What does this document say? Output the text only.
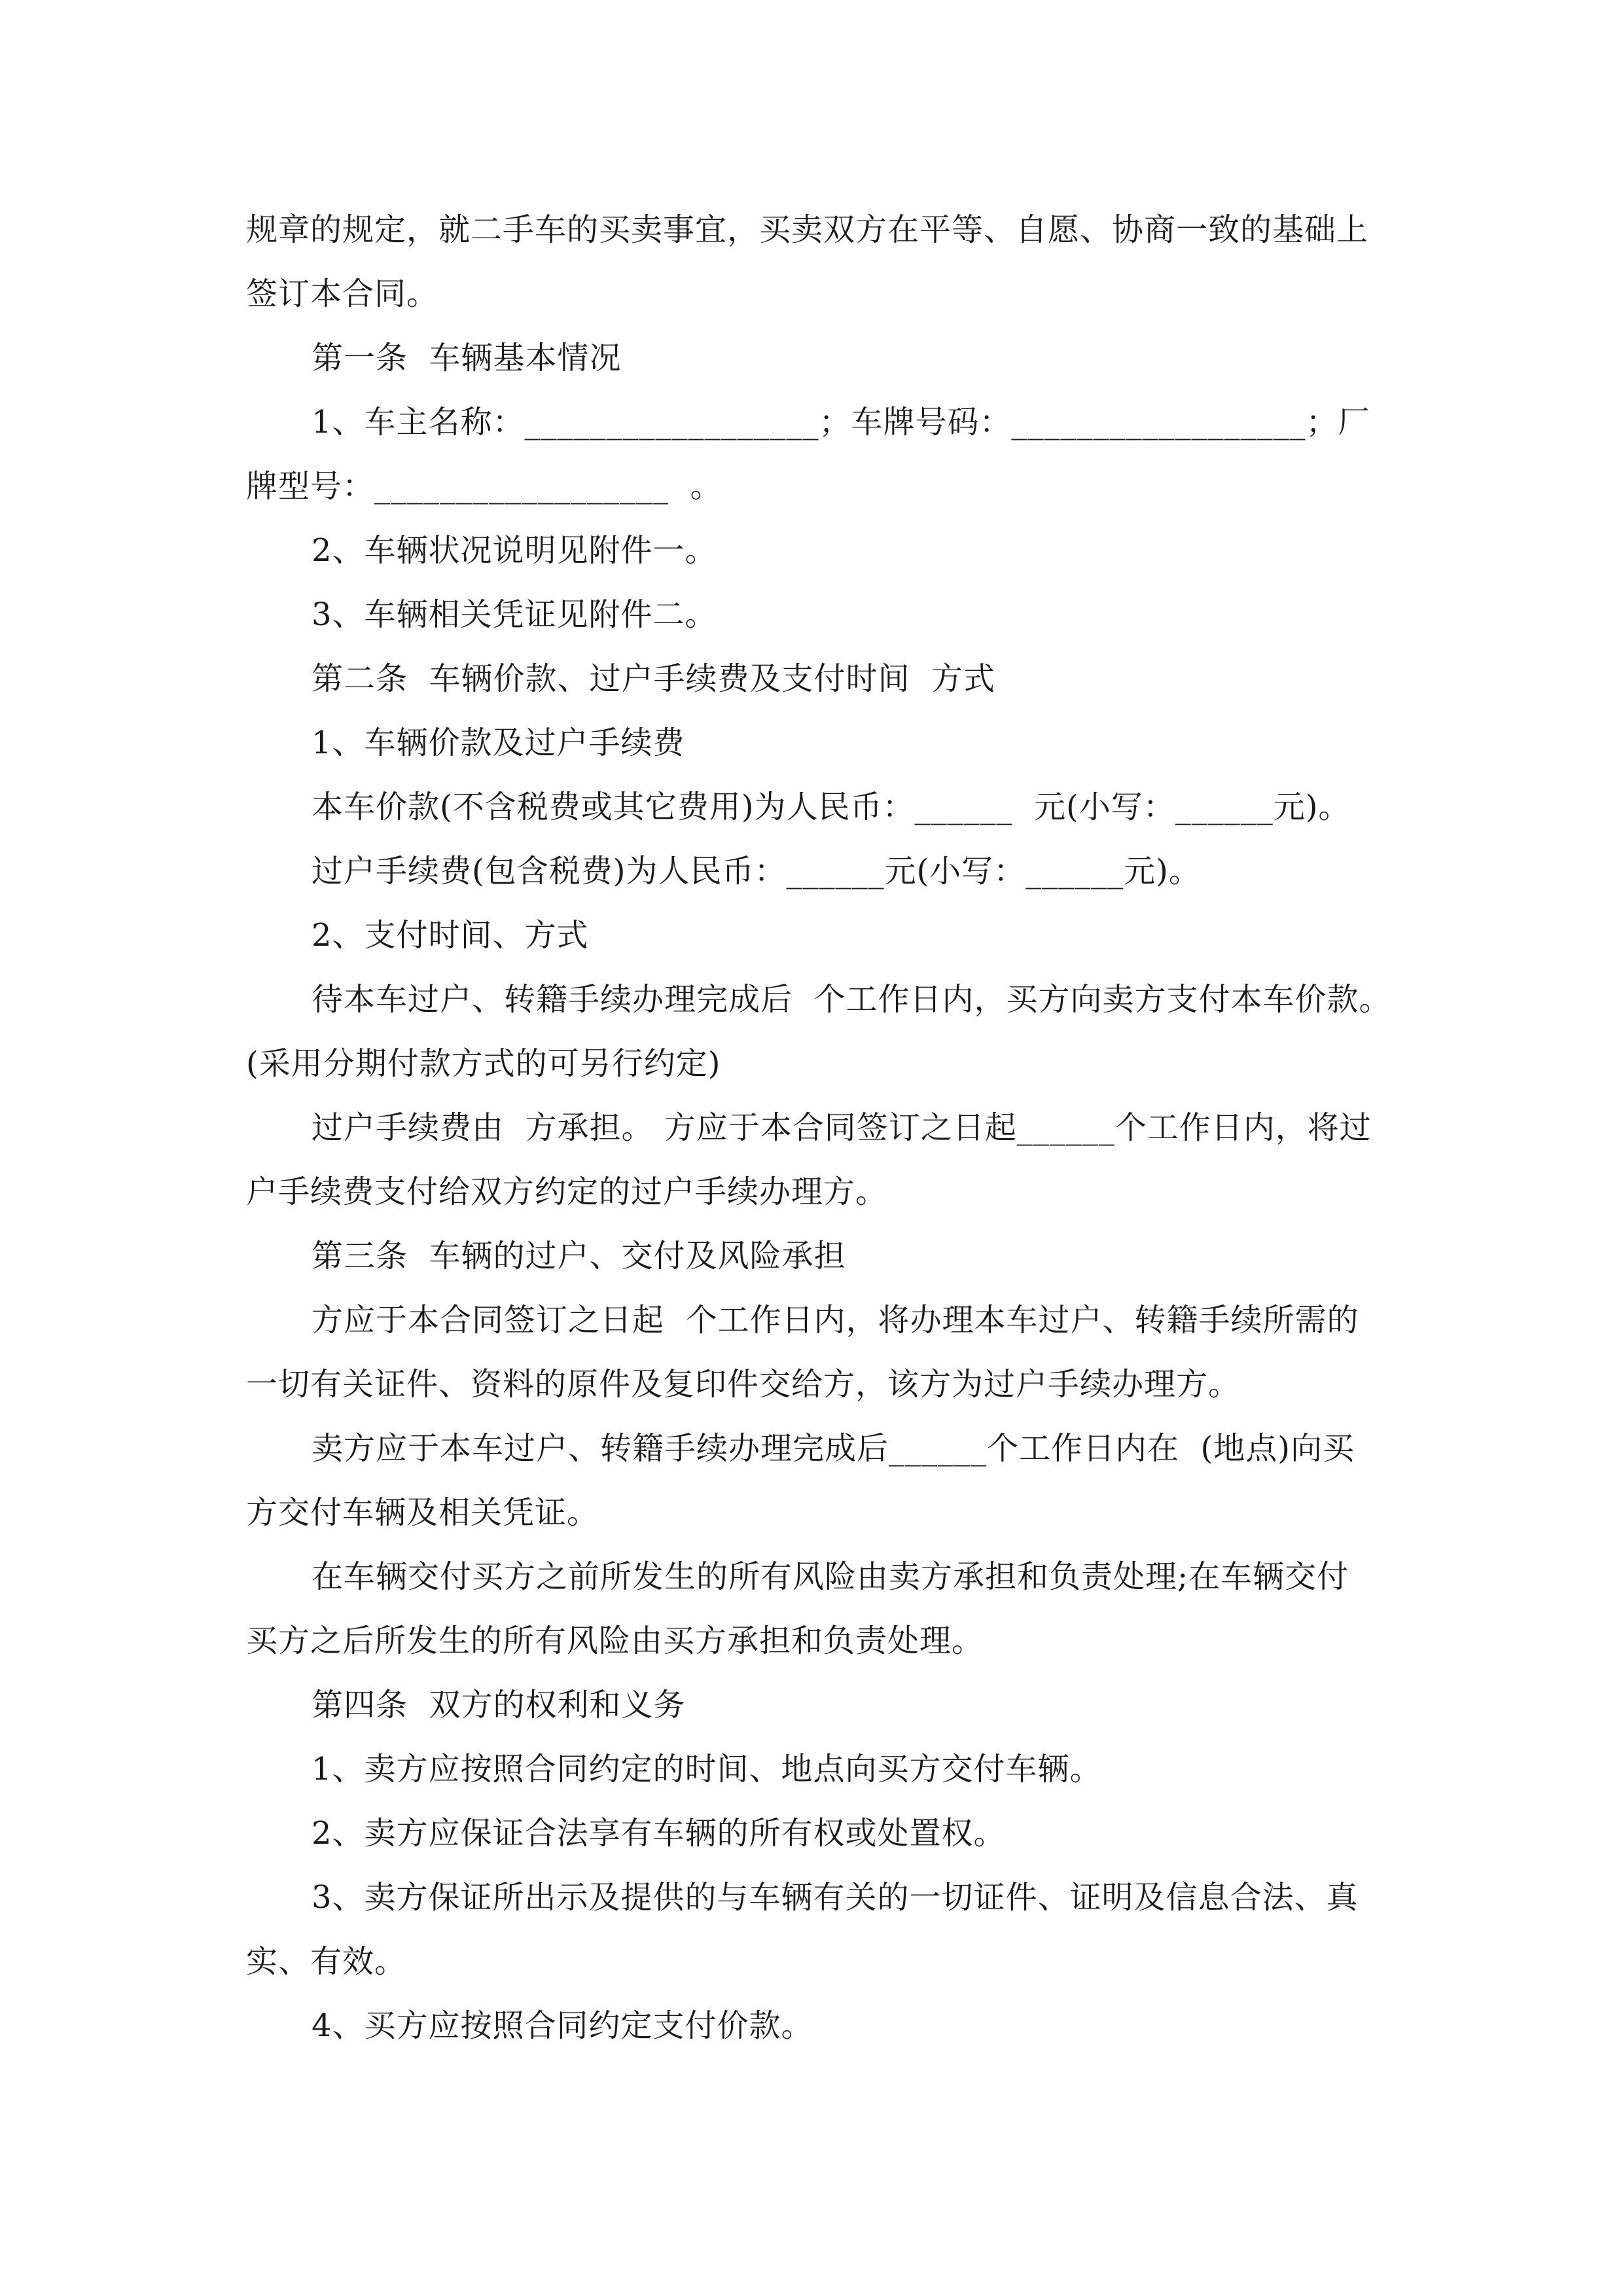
规章的规定，就二手车的买卖事宜，买卖双方在平等、自愿、协商一致的基础上
签订本合同。
第一条  车辆基本情况
1、车主名称：__________________；车牌号码：__________________；厂
牌型号：__________________  。
2、车辆状况说明见附件一。
3、车辆相关凭证见附件二。
第二条  车辆价款、过户手续费及支付时间  方式
1、车辆价款及过户手续费
本车价款(不含税费或其它费用)为人民币：______  元(小写：______元)。
过户手续费(包含税费)为人民币：______元(小写：______元)。
2、支付时间、方式
待本车过户、转籍手续办理完成后  个工作日内，买方向卖方支付本车价款。
(采用分期付款方式的可另行约定)
过户手续费由  方承担。 方应于本合同签订之日起______个工作日内，将过
户手续费支付给双方约定的过户手续办理方。
第三条  车辆的过户、交付及风险承担
方应于本合同签订之日起  个工作日内，将办理本车过户、转籍手续所需的
一切有关证件、资料的原件及复印件交给方，该方为过户手续办理方。
卖方应于本车过户、转籍手续办理完成后______个工作日内在  (地点)向买
方交付车辆及相关凭证。
在车辆交付买方之前所发生的所有风险由卖方承担和负责处理;在车辆交付
买方之后所发生的所有风险由买方承担和负责处理。
第四条  双方的权利和义务
1、卖方应按照合同约定的时间、地点向买方交付车辆。
2、卖方应保证合法享有车辆的所有权或处置权。
3、卖方保证所出示及提供的与车辆有关的一切证件、证明及信息合法、真
实、有效。
4、买方应按照合同约定支付价款。
